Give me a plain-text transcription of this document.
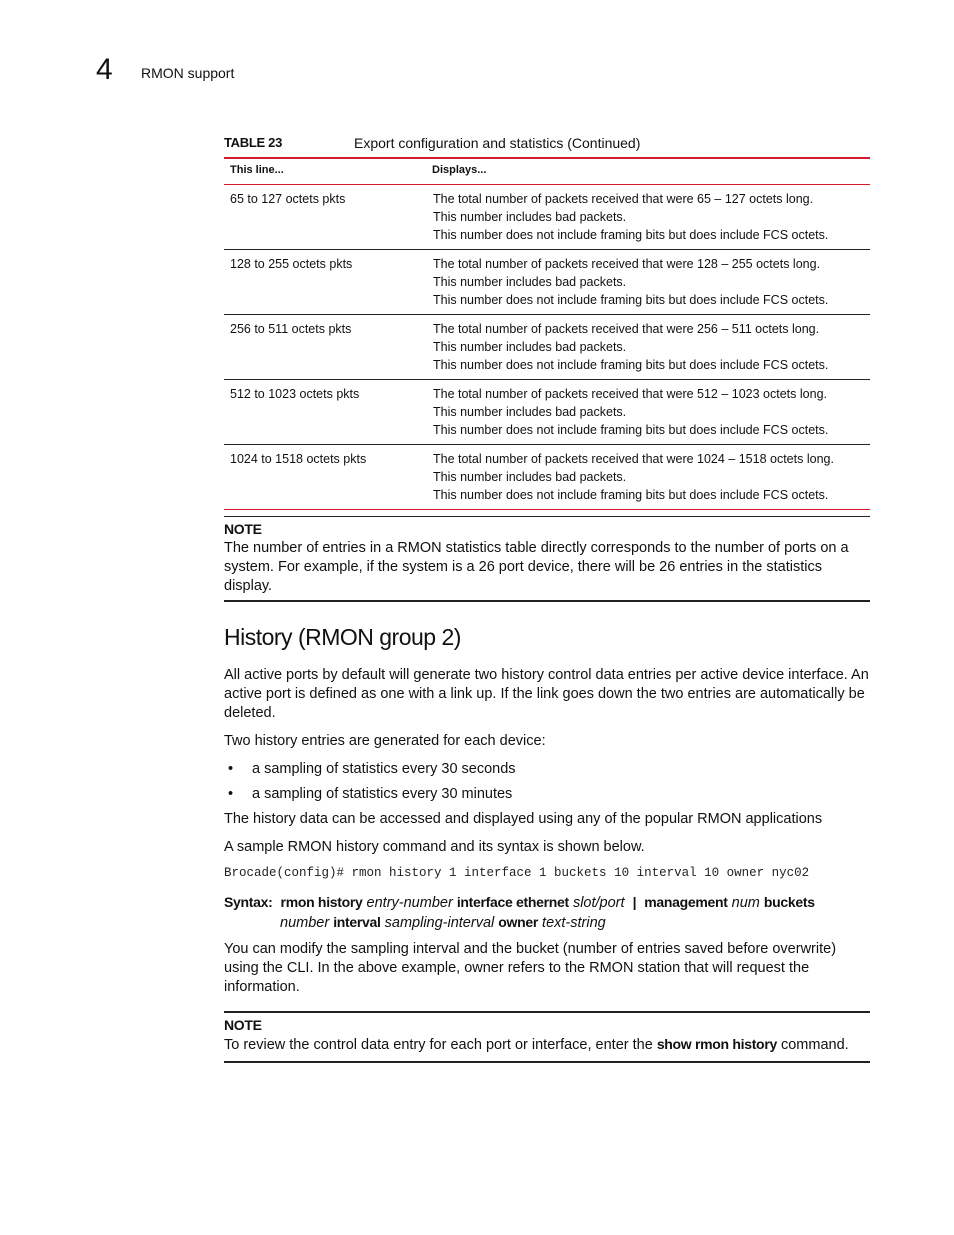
4 RMON support
TABLE 23	Export configuration and statistics (Continued)
This line...	Displays...
65 to 127 octets pkts	The total number of packets received that were 65 – 127 octets long.
This number includes bad packets.
This number does not include framing bits but does include FCS octets.

128 to 255 octets pkts	The total number of packets received that were 128 – 255 octets long.
This number includes bad packets.
This number does not include framing bits but does include FCS octets.

256 to 511 octets pkts	The total number of packets received that were 256 – 511 octets long.
This number includes bad packets.
This number does not include framing bits but does include FCS octets.

512 to 1023 octets pkts	The total number of packets received that were 512 – 1023 octets long.
This number includes bad packets.
This number does not include framing bits but does include FCS octets.

1024 to 1518 octets pkts	The total number of packets received that were 1024 – 1518 octets long.
This number includes bad packets.
This number does not include framing bits but does include FCS octets.
NOTE
The number of entries in a RMON statistics table directly corresponds to the number of ports on a system. For example, if the system is a 26 port device, there will be 26 entries in the statistics display.
History (RMON group 2)
All active ports by default will generate two history control data entries per active device interface. An active port is defined as one with a link up. If the link goes down the two entries are automatically be deleted.
Two history entries are generated for each device:
• a sampling of statistics every 30 seconds
• a sampling of statistics every 30 minutes
The history data can be accessed and displayed using any of the popular RMON applications
A sample RMON history command and its syntax is shown below.
Brocade(config)# rmon history 1 interface 1 buckets 10 interval 10 owner nyc02
Syntax: rmon history entry-number interface ethernet slot/port | management num buckets
number interval sampling-interval owner text-string
You can modify the sampling interval and the bucket (number of entries saved before overwrite) using the CLI. In the above example, owner refers to the RMON station that will request the information.
NOTE
To review the control data entry for each port or interface, enter the show rmon history command.
